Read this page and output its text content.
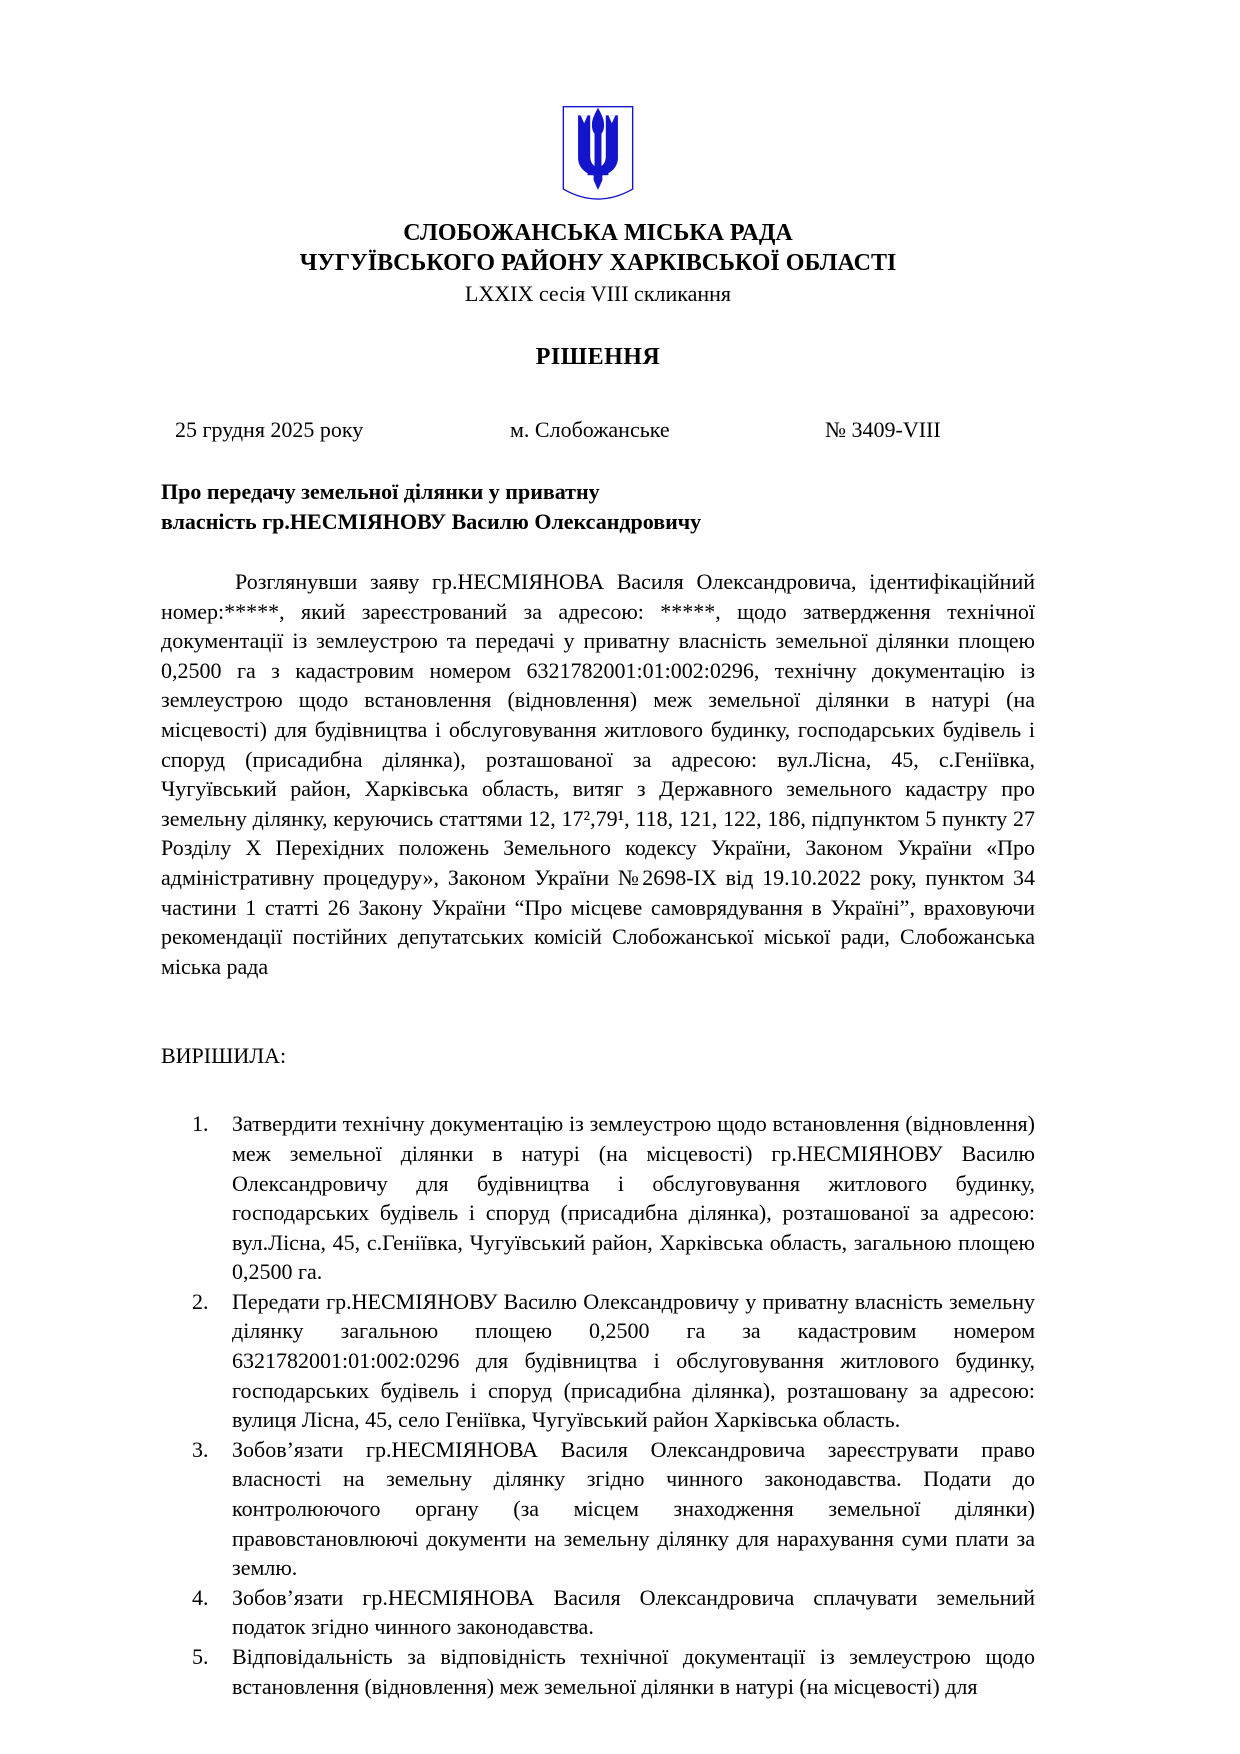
СЛОБОЖАНСЬКА МІСЬКА РАДА
ЧУГУЇВСЬКОГО РАЙОНУ ХАРКІВСЬКОЇ ОБЛАСТІ
LXXIX сесія VIII скликання
РІШЕННЯ
25 грудня 2025 року	м. Слобожанське	№ 3409-VIII
Про передачу земельної ділянки у приватну
власність гр.НЕСМІЯНОВУ Василю Олександровичу

Розглянувши заяву гр.НЕСМІЯНОВА Василя Олександровича, ідентифікаційний номер:*****, який зареєстрований за адресою: *****, щодо затвердження технічної документації із землеустрою та передачі у приватну власність земельної ділянки площею 0,2500 га з кадастровим номером 6321782001:01:002:0296, технічну документацію із землеустрою щодо встановлення (відновлення) меж земельної ділянки в натурі (на місцевості) для будівництва і обслуговування житлового будинку, господарських будівель і споруд (присадибна ділянка), розташованої за адресою: вул.Лісна, 45, с.Геніївка, Чугуївський район, Харківська область, витяг з Державного земельного кадастру про земельну ділянку, керуючись статтями 12, 17²,79¹, 118, 121, 122, 186, підпунктом 5 пункту 27 Розділу X Перехідних положень Земельного кодексу України, Законом України «Про адміністративну процедуру», Законом України №2698-ІХ від 19.10.2022 року, пунктом 34 частини 1 статті 26 Закону України “Про місцеве самоврядування в Україні”, враховуючи рекомендації постійних депутатських комісій Слобожанської міської ради, Слобожанська міська рада

ВИРІШИЛА:
1.	Затвердити технічну документацію із землеустрою щодо встановлення (відновлення) меж земельної ділянки в натурі (на місцевості) гр.НЕСМІЯНОВУ Василю Олександровичу для будівництва і обслуговування житлового будинку, господарських будівель і споруд (присадибна ділянка), розташованої за адресою: вул.Лісна, 45, с.Геніївка, Чугуївський район, Харківська область, загальною площею 0,2500 га.
2.	Передати гр.НЕСМІЯНОВУ Василю Олександровичу у приватну власність земельну ділянку загальною площею 0,2500 га за кадастровим номером 6321782001:01:002:0296 для будівництва і обслуговування житлового будинку, господарських будівель і споруд (присадибна ділянка), розташовану за адресою: вулиця Лісна, 45, село Геніївка, Чугуївський район Харківська область.
3.	Зобов’язати гр.НЕСМІЯНОВА Василя Олександровича зареєструвати право власності на земельну ділянку згідно чинного законодавства. Подати до контролюючого органу (за місцем знаходження земельної ділянки) правовстановлюючі документи на земельну ділянку для нарахування суми плати за землю.
4.	Зобов’язати гр.НЕСМІЯНОВА Василя Олександровича сплачувати земельний податок згідно чинного законодавства.
5.	Відповідальність за відповідність технічної документації із землеустрою щодо встановлення (відновлення) меж земельної ділянки в натурі (на місцевості) для
